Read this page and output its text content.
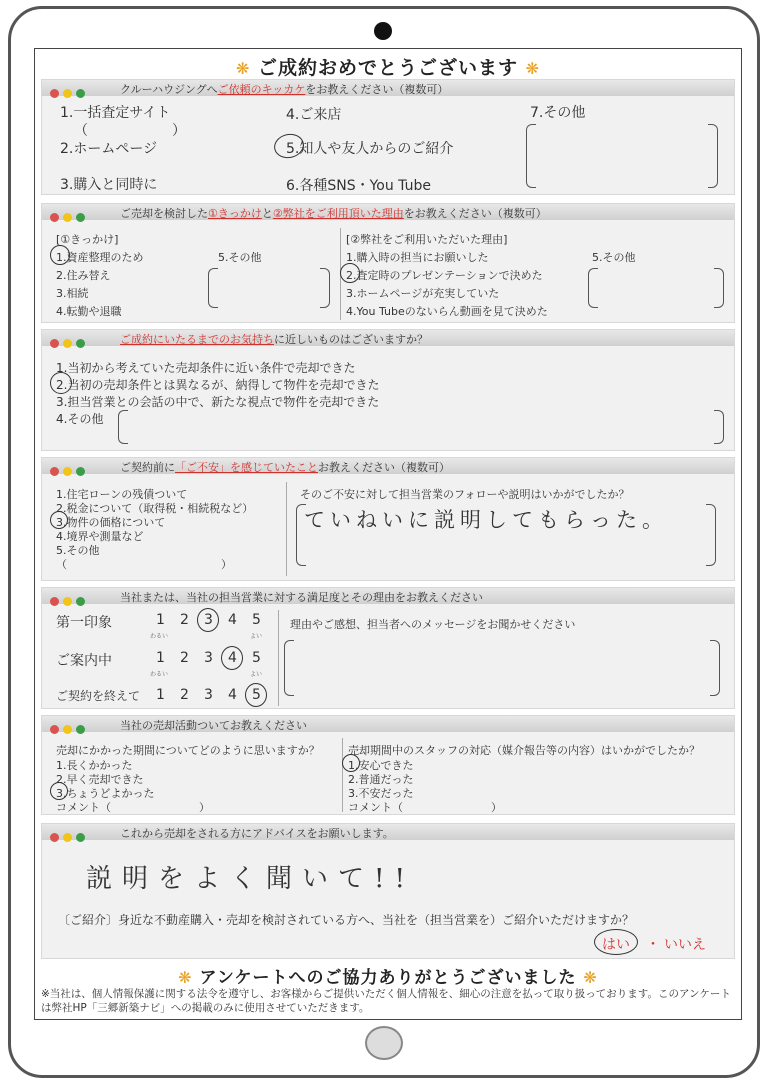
❋ ご成約おめでとうございます ❋
クルーハウジングへご依頼のキッカケをお教えください（複数可）
1.一括査定サイト
（　　　　　　）
2.ホームページ
3.購入と同時に
4.ご来店
5.知人や友人からのご紹介
6.各種SNS・You Tube
7.その他
ご売却を検討した①きっかけと②弊社をご利用頂いた理由をお教えください（複数可）
[①きっかけ]
1.資産整理のため
2.住み替え
3.相続
4.転勤や退職
5.その他
[②弊社をご利用いただいた理由]
1.購入時の担当にお願いした
2.査定時のプレゼンテーションで決めた
3.ホームページが充実していた
4.You Tubeのないらん動画を見て決めた
5.その他
ご成約にいたるまでのお気持ちに近しいものはございますか？
1.当初から考えていた売却条件に近い条件で売却できた
2.当初の売却条件とは異なるが、納得して物件を売却できた
3.担当営業との会話の中で、新たな視点で物件を売却できた
4.その他
ご契約前に「ご不安」を感じていたことお教えください（複数可）
1.住宅ローンの残債ついて
2.税金について（取得税・相続税など）
3.物件の価格について
4.境界や測量など
5.その他
（　　　　　　　　　　　　　　）
そのご不安に対して担当営業のフォローや説明はいかがでしたか？
ていねいに説明してもらった。
当社または、当社の担当営業に対する満足度とその理由をお教えください
第一印象
ご案内中
ご契約を終えて
1 2 3 4 5
わるい	よい
1 2 3 4 5
わるい	よい
1 2 3 4 5
理由やご感想、担当者へのメッセージをお聞かせください
当社の売却活動ついてお教えください
売却にかかった期間についてどのように思いますか？
1.長くかかった
2.早く売却できた
3.ちょうどよかった
コメント（　　　　　　　　）
売却期間中のスタッフの対応（媒介報告等の内容）はいかがでしたか？
1.安心できた
2.普通だった
3.不安だった
コメント（　　　　　　　　）
これから売却をされる方にアドバイスをお願いします。
説明をよく聞いて!!
〔ご紹介〕身近な不動産購入・売却を検討されている方へ、当社を（担当営業を）ご紹介いただけますか？
はい ・ いいえ
❋ アンケートへのご協力ありがとうございました ❋
※当社は、個人情報保護に関する法令を遵守し、お客様からご提供いただく個人情報を、細心の注意を払って取り扱っております。このアンケートは弊社HP「三郷新築ナビ」への掲載のみに使用させていただきます。
